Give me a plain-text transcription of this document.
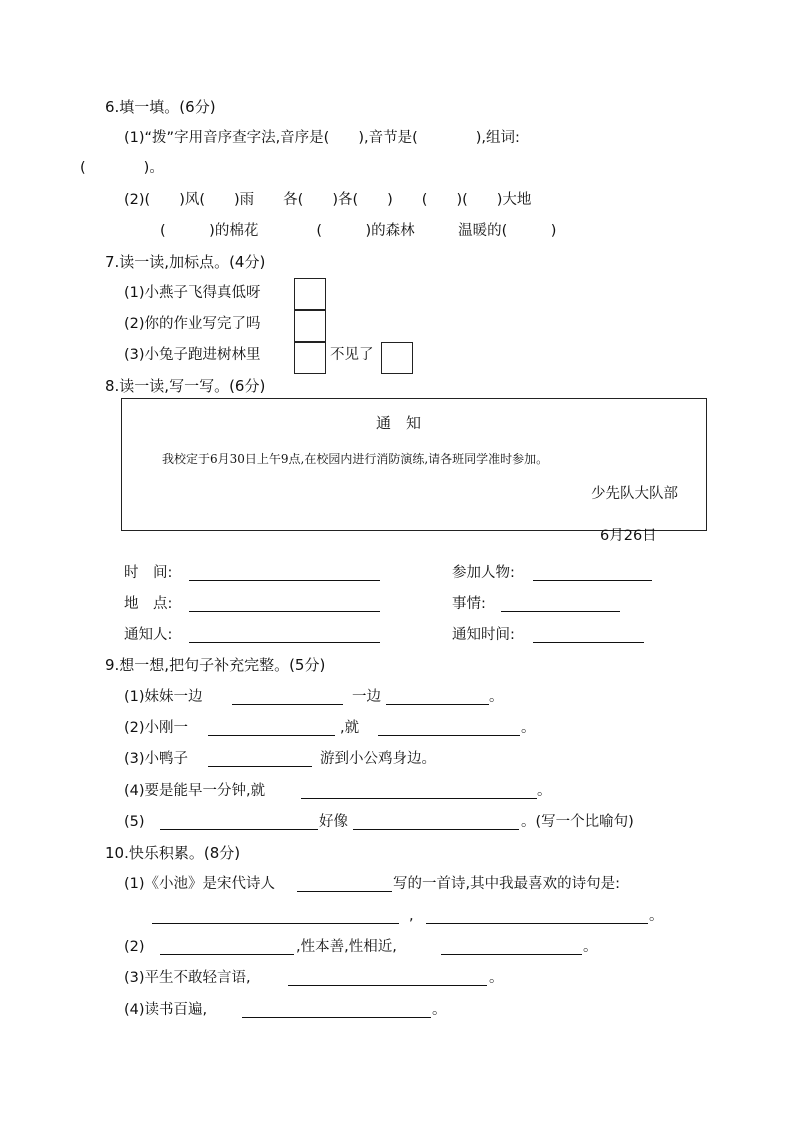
6.填一填。(6分)
(1)“拨”字用音序查字法,音序是(　　),音节是(　　　　),组词:
(　　　　)。
(2)(　　)风(　　)雨　　各(　　)各(　　)　　(　　)(　　)大地
(　　　)的棉花　　　　(　　　)的森林　　　温暖的(　　　)
7.读一读,加标点。(4分)
(1)小燕子飞得真低呀
(2)你的作业写完了吗
(3)小兔子跑进树林里	不见了
8.读一读,写一写。(6分)
通　知
我校定于6月30日上午9点,在校园内进行消防演练,请各班同学准时参加。
少先队大队部
6月26日
时　间:	参加人物:
地　点:	事情:
通知人:	通知时间:
9.想一想,把句子补充完整。(5分)
(1)妹妹一边	一边	。
(2)小刚一	,就	。
(3)小鸭子	游到小公鸡身边。
(4)要是能早一分钟,就	。
(5)	好像	。(写一个比喻句)
10.快乐积累。(8分)
(1)《小池》是宋代诗人	写的一首诗,其中我最喜欢的诗句是:
,	。
(2)	,性本善,性相近,	。
(3)平生不敢轻言语,	。
(4)读书百遍,	。
